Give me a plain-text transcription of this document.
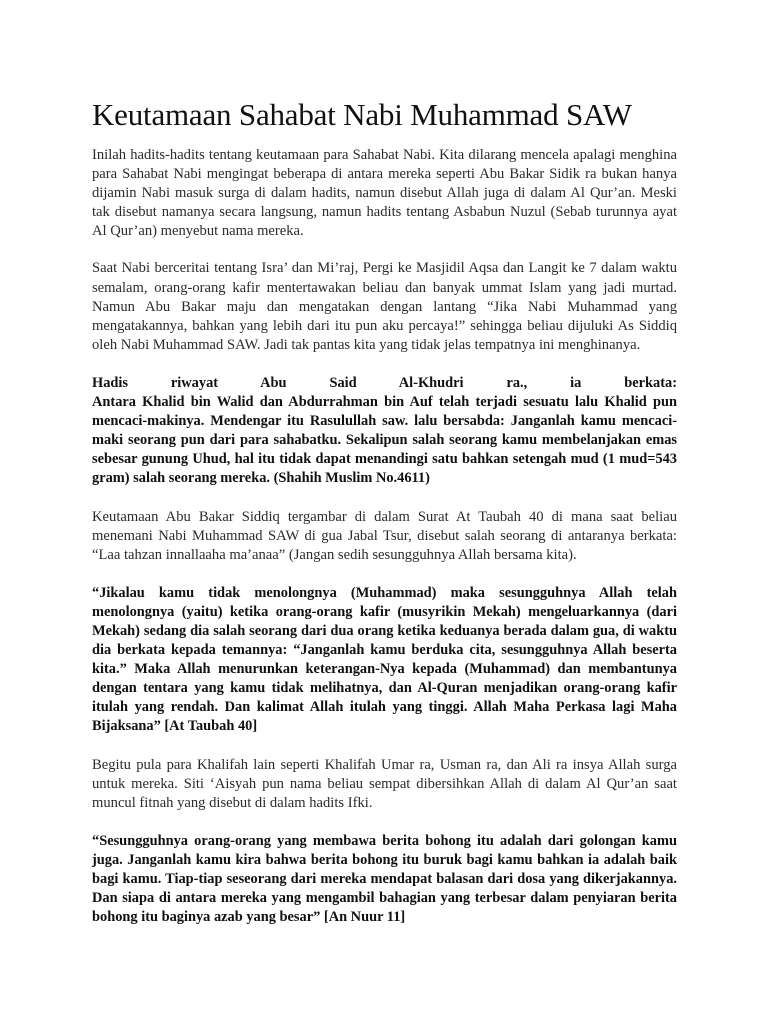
Keutamaan Sahabat Nabi Muhammad SAW

Inilah hadits-hadits tentang keutamaan para Sahabat Nabi. Kita dilarang mencela apalagi menghina para Sahabat Nabi mengingat beberapa di antara mereka seperti Abu Bakar Sidik ra bukan hanya dijamin Nabi masuk surga di dalam hadits, namun disebut Allah juga di dalam Al Qur’an. Meski tak disebut namanya secara langsung, namun hadits tentang Asbabun Nuzul (Sebab turunnya ayat Al Qur’an) menyebut nama mereka.

Saat Nabi berceritai tentang Isra’ dan Mi’raj, Pergi ke Masjidil Aqsa dan Langit ke 7 dalam waktu semalam, orang-orang kafir mentertawakan beliau dan banyak ummat Islam yang jadi murtad. Namun Abu Bakar maju dan mengatakan dengan lantang “Jika Nabi Muhammad yang mengatakannya, bahkan yang lebih dari itu pun aku percaya!” sehingga beliau dijuluki As Siddiq oleh Nabi Muhammad SAW. Jadi tak pantas kita yang tidak jelas tempatnya ini menghinanya.

Hadis riwayat Abu Said Al-Khudri ra., ia berkata:

Antara Khalid bin Walid dan Abdurrahman bin Auf telah terjadi sesuatu lalu Khalid pun mencaci-makinya. Mendengar itu Rasulullah saw. lalu bersabda: Janganlah kamu mencaci-maki seorang pun dari para sahabatku. Sekalipun salah seorang kamu membelanjakan emas sebesar gunung Uhud, hal itu tidak dapat menandingi satu bahkan setengah mud (1 mud=543 gram) salah seorang mereka. (Shahih Muslim No.4611)

Keutamaan Abu Bakar Siddiq tergambar di dalam Surat At Taubah 40 di mana saat beliau menemani Nabi Muhammad SAW di gua Jabal Tsur, disebut salah seorang di antaranya berkata: “Laa tahzan innallaaha ma’anaa” (Jangan sedih sesungguhnya Allah bersama kita).

“Jikalau kamu tidak menolongnya (Muhammad) maka sesungguhnya Allah telah menolongnya (yaitu) ketika orang-orang kafir (musyrikin Mekah) mengeluarkannya (dari Mekah) sedang dia salah seorang dari dua orang ketika keduanya berada dalam gua, di waktu dia berkata kepada temannya: “Janganlah kamu berduka cita, sesungguhnya Allah beserta kita.” Maka Allah menurunkan keterangan-Nya kepada (Muhammad) dan membantunya dengan tentara yang kamu tidak melihatnya, dan Al-Quran menjadikan orang-orang kafir itulah yang rendah. Dan kalimat Allah itulah yang tinggi. Allah Maha Perkasa lagi Maha Bijaksana” [At Taubah 40]

Begitu pula para Khalifah lain seperti Khalifah Umar ra, Usman ra, dan Ali ra insya Allah surga untuk mereka. Siti ‘Aisyah pun nama beliau sempat dibersihkan Allah di dalam Al Qur’an saat muncul fitnah yang disebut di dalam hadits Ifki.

“Sesungguhnya orang-orang yang membawa berita bohong itu adalah dari golongan kamu juga. Janganlah kamu kira bahwa berita bohong itu buruk bagi kamu bahkan ia adalah baik bagi kamu. Tiap-tiap seseorang dari mereka mendapat balasan dari dosa yang dikerjakannya. Dan siapa di antara mereka yang mengambil bahagian yang terbesar dalam penyiaran berita bohong itu baginya azab yang besar” [An Nuur 11]
